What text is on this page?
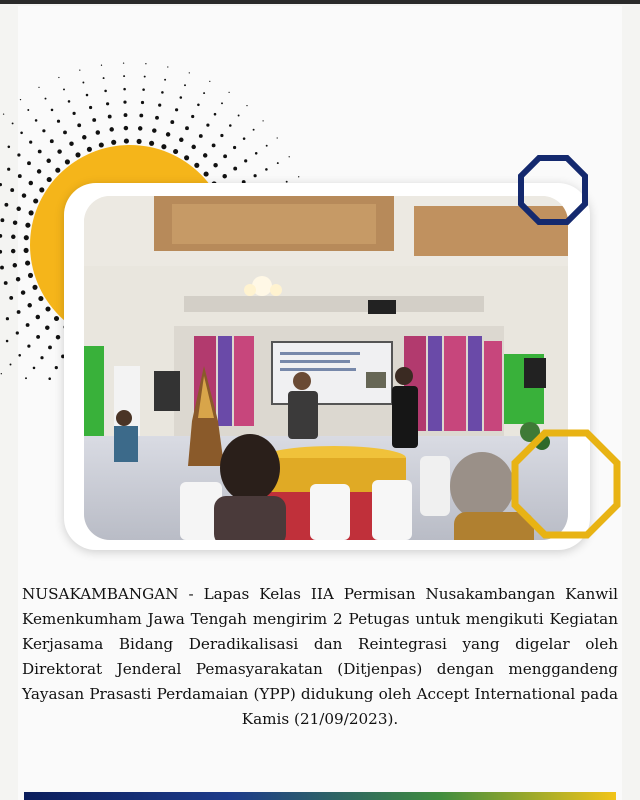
NUSAKAMBANGAN - Lapas Kelas IIA Permisan Nusakambangan Kanwil Kemenkumham Jawa Tengah mengirim 2 Petugas untuk mengikuti Kegiatan Kerjasama Bidang Deradikalisasi dan Reintegrasi yang digelar oleh Direktorat Jenderal Pemasyarakatan (Ditjenpas) dengan menggandeng Yayasan Prasasti Perdamaian (YPP) didukung oleh Accept International pada Kamis (21/09/2023).
